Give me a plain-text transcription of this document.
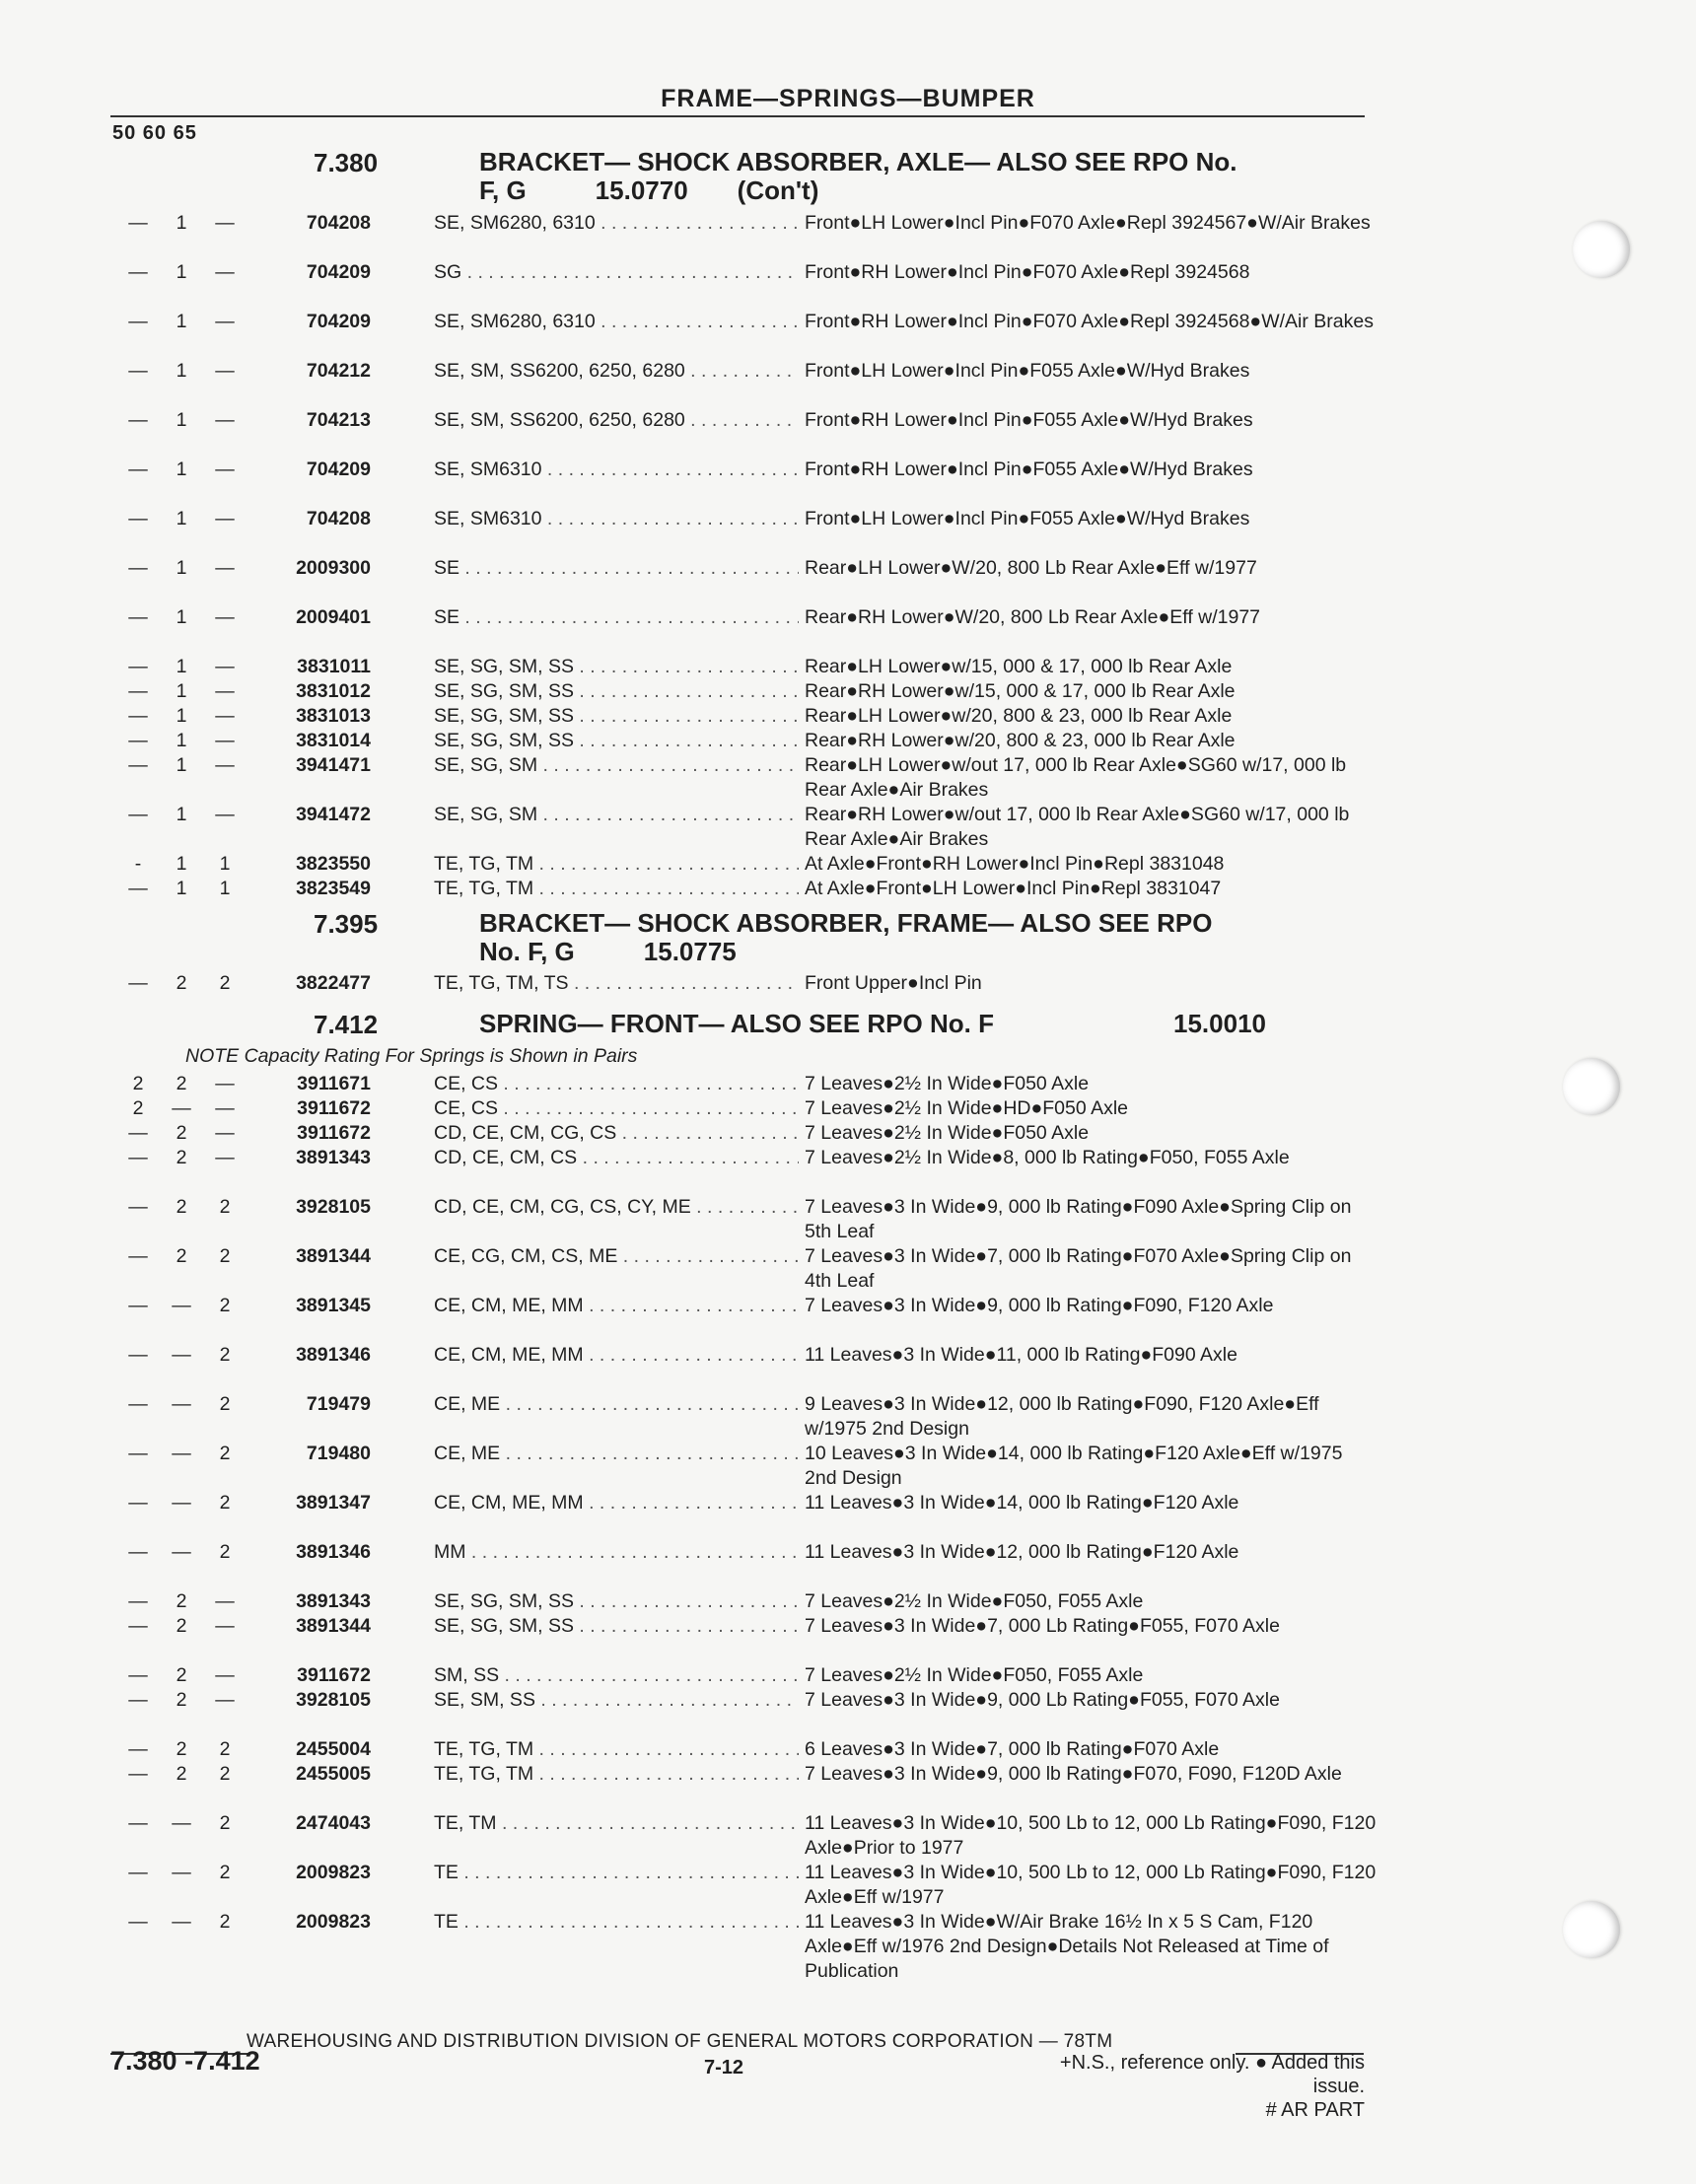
FRAME—SPRINGS—BUMPER
50 60 65
7.380	BRACKET— SHOCK ABSORBER, AXLE— ALSO SEE RPO No.
F, G	15.0770 (Con't)
—	1	—	704208	SE, SM6280, 6310 . . .	Front●LH Lower●Incl Pin●F070 Axle●Repl 3924567●W/Air Brakes
—	1	—	704209	SG . . .	Front●RH Lower●Incl Pin●F070 Axle●Repl 3924568
—	1	—	704209	SE, SM6280, 6310 . . .	Front●RH Lower●Incl Pin●F070 Axle●Repl 3924568●W/Air Brakes
—	1	—	704212	SE, SM, SS6200, 6250, 6280 . . .	Front●LH Lower●Incl Pin●F055 Axle●W/Hyd Brakes
—	1	—	704213	SE, SM, SS6200, 6250, 6280 . . .	Front●RH Lower●Incl Pin●F055 Axle●W/Hyd Brakes
—	1	—	704209	SE, SM6310 . . .	Front●RH Lower●Incl Pin●F055 Axle●W/Hyd Brakes
—	1	—	704208	SE, SM6310 . . .	Front●LH Lower●Incl Pin●F055 Axle●W/Hyd Brakes
—	1	—	2009300	SE . . .	Rear●LH Lower●W/20, 800 Lb Rear Axle●Eff w/1977
—	1	—	2009401	SE . . .	Rear●RH Lower●W/20, 800 Lb Rear Axle●Eff w/1977
—	1	—	3831011	SE, SG, SM, SS . . .	Rear●LH Lower●w/15, 000 & 17, 000 lb Rear Axle
—	1	—	3831012	SE, SG, SM, SS . . .	Rear●RH Lower●w/15, 000 & 17, 000 lb Rear Axle
—	1	—	3831013	SE, SG, SM, SS . . .	Rear●LH Lower●w/20, 800 & 23, 000 lb Rear Axle
—	1	—	3831014	SE, SG, SM, SS . . .	Rear●RH Lower●w/20, 800 & 23, 000 lb Rear Axle
—	1	—	3941471	SE, SG, SM . . .	Rear●LH Lower●w/out 17, 000 lb Rear Axle●SG60 w/17, 000 lb Rear Axle●Air Brakes
—	1	—	3941472	SE, SG, SM . . .	Rear●RH Lower●w/out 17, 000 lb Rear Axle●SG60 w/17, 000 lb Rear Axle●Air Brakes
-	1	1	3823550	TE, TG, TM . . .	At Axle●Front●RH Lower●Incl Pin●Repl 3831048
—	1	1	3823549	TE, TG, TM . . .	At Axle●Front●LH Lower●Incl Pin●Repl 3831047
7.395	BRACKET— SHOCK ABSORBER, FRAME— ALSO SEE RPO
No. F, G	15.0775
—	2	2	3822477	TE, TG, TM, TS . . .	Front Upper●Incl Pin
7.412	SPRING— FRONT— ALSO SEE RPO No. F	15.0010
NOTE Capacity Rating For Springs is Shown in Pairs
2	2	—	3911671	CE, CS . . .	7 Leaves●2½ In Wide●F050 Axle
2	— —	3911672	CE, CS . . .	7 Leaves●2½ In Wide●HD●F050 Axle
—	2	—	3911672	CD, CE, CM, CG, CS . . .	7 Leaves●2½ In Wide●F050 Axle
—	2	—	3891343	CD, CE, CM, CS . . .	7 Leaves●2½ In Wide●8, 000 lb Rating●F050, F055 Axle
—	2	2	3928105	CD, CE, CM, CG, CS, CY, ME . . .	7 Leaves●3 In Wide●9, 000 lb Rating●F090 Axle●Spring Clip on 5th Leaf
—	2	2	3891344	CE, CG, CM, CS, ME . . .	7 Leaves●3 In Wide●7, 000 lb Rating●F070 Axle●Spring Clip on 4th Leaf
— —	2	3891345	CE, CM, ME, MM . . .	7 Leaves●3 In Wide●9, 000 lb Rating●F090, F120 Axle
— —	2	3891346	CE, CM, ME, MM . . .	11 Leaves●3 In Wide●11, 000 lb Rating●F090 Axle
— —	2	719479	CE, ME . . .	9 Leaves●3 In Wide●12, 000 lb Rating●F090, F120 Axle●Eff w/1975 2nd Design
— —	2	719480	CE, ME . . .	10 Leaves●3 In Wide●14, 000 lb Rating●F120 Axle●Eff w/1975 2nd Design
— —	2	3891347	CE, CM, ME, MM . . .	11 Leaves●3 In Wide●14, 000 lb Rating●F120 Axle
— —	2	3891346	MM . . .	11 Leaves●3 In Wide●12, 000 lb Rating●F120 Axle
—	2	—	3891343	SE, SG, SM, SS . . .	7 Leaves●2½ In Wide●F050, F055 Axle
—	2	—	3891344	SE, SG, SM, SS . . .	7 Leaves●3 In Wide●7, 000 Lb Rating●F055, F070 Axle
—	2	—	3911672	SM, SS . . .	7 Leaves●2½ In Wide●F050, F055 Axle
—	2	—	3928105	SE, SM, SS . . .	7 Leaves●3 In Wide●9, 000 Lb Rating●F055, F070 Axle
—	2	2	2455004	TE, TG, TM . . .	6 Leaves●3 In Wide●7, 000 lb Rating●F070 Axle
—	2	2	2455005	TE, TG, TM . . .	7 Leaves●3 In Wide●9, 000 lb Rating●F070, F090, F120D Axle
— —	2	2474043	TE, TM . . .	11 Leaves●3 In Wide●10, 500 Lb to 12, 000 Lb Rating●F090, F120 Axle●Prior to 1977
— —	2	2009823	TE . . .	11 Leaves●3 In Wide●10, 500 Lb to 12, 000 Lb Rating●F090, F120 Axle●Eff w/1977
— —	2	2009823	TE . . .	11 Leaves●3 In Wide●W/Air Brake 16½ In x 5 S Cam, F120 Axle●Eff w/1976 2nd Design●Details Not Released at Time of Publication
WAREHOUSING AND DISTRIBUTION DIVISION OF GENERAL MOTORS CORPORATION — 78TM
7.380 -7.412	7-12	+N.S., reference only. ● Added this issue.
# AR PART
